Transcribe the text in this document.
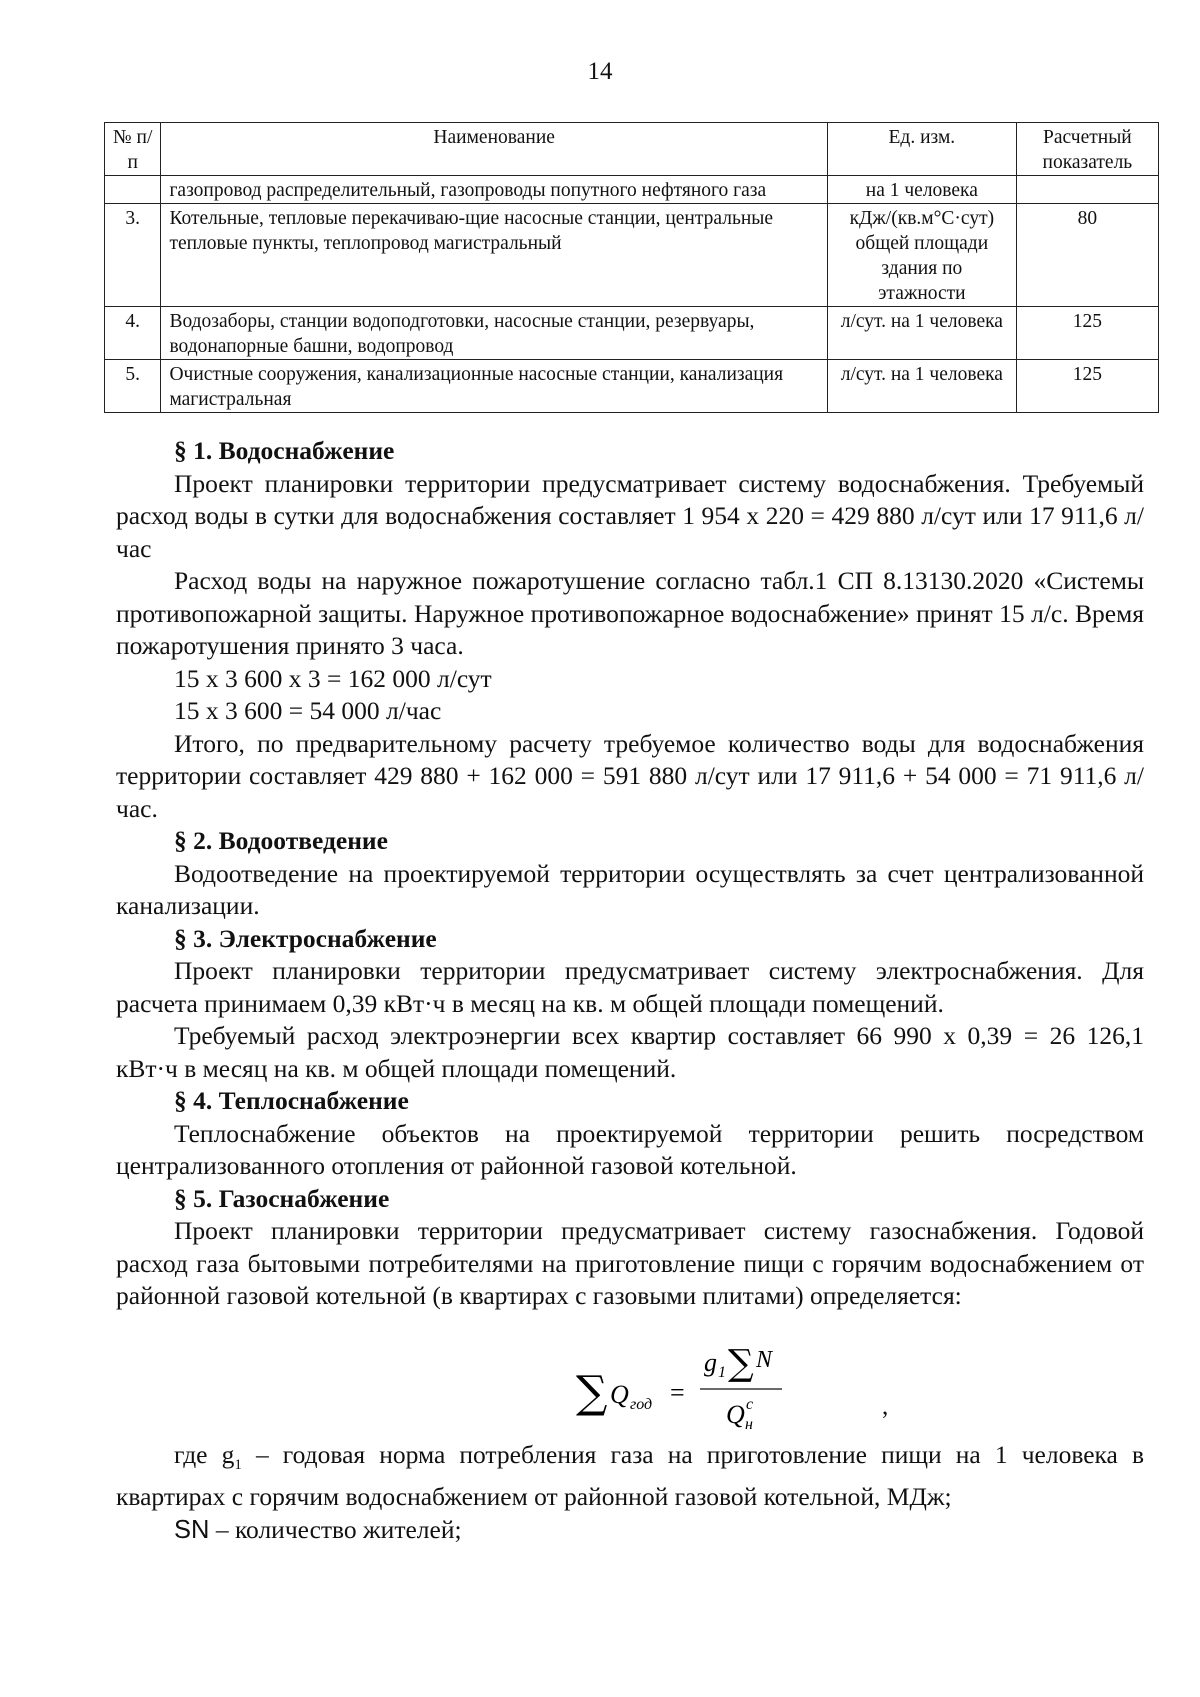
14
№ п/п	Наименование	Ед. изм.	Расчетный показатель
	газопровод распределительный, газопроводы попутного нефтяного газа	на 1 человека	
3.	Котельные, тепловые перекачиваю-щие насосные станции, центральные тепловые пункты, теплопровод магистральный	кДж/(кв.м°С·сут) общей площади здания по этажности	80
4.	Водозаборы, станции водоподготовки, насосные станции, резервуары, водонапорные башни, водопровод	л/сут. на 1 человека	125
5.	Очистные сооружения, канализационные насосные станции, канализация магистральная	л/сут. на 1 человека	125
§ 1. Водоснабжение

Проект планировки территории предусматривает систему водоснабжения. Требуемый расход воды в сутки для водоснабжения составляет 1 954 х 220 = 429 880 л/сут или 17 911,6 л/час

Расход воды на наружное пожаротушение согласно табл.1 СП 8.13130.2020 «Системы противопожарной защиты. Наружное противопожарное водоснабжение» принят 15 л/с. Время пожаротушения принято 3 часа.

15 х 3 600 х 3 = 162 000 л/сут

15 х 3 600 = 54 000 л/час

Итого, по предварительному расчету требуемое количество воды для водоснабжения территории составляет 429 880 + 162 000 = 591 880 л/сут или 17 911,6 + 54 000 = 71 911,6 л/час.

§ 2. Водоотведение

Водоотведение на проектируемой территории осуществлять за счет централизованной канализации.

§ 3. Электроснабжение

Проект планировки территории предусматривает систему электроснабжения. Для расчета принимаем 0,39 кВт·ч в месяц на кв. м общей площади помещений.

Требуемый расход электроэнергии всех квартир составляет 66 990 х 0,39 = 26 126,1 кВт·ч в месяц на кв. м общей площади помещений.

§ 4. Теплоснабжение

Теплоснабжение объектов на проектируемой территории решить посредством централизованного отопления от районной газовой котельной.

§ 5. Газоснабжение

Проект планировки территории предусматривает систему газоснабжения. Годовой расход газа бытовыми потребителями на приготовление пищи с горячим водоснабжением от районной газовой котельной (в квартирах с газовыми плитами) определяется:

∑ Q год =
g 1 ∑ N
Q c
н
,

где $g_1$ – годовая норма потребления газа на приготовление пищи на 1 человека в квартирах с горячим водоснабжением от районной газовой котельной, МДж;

SN – количество жителей;
